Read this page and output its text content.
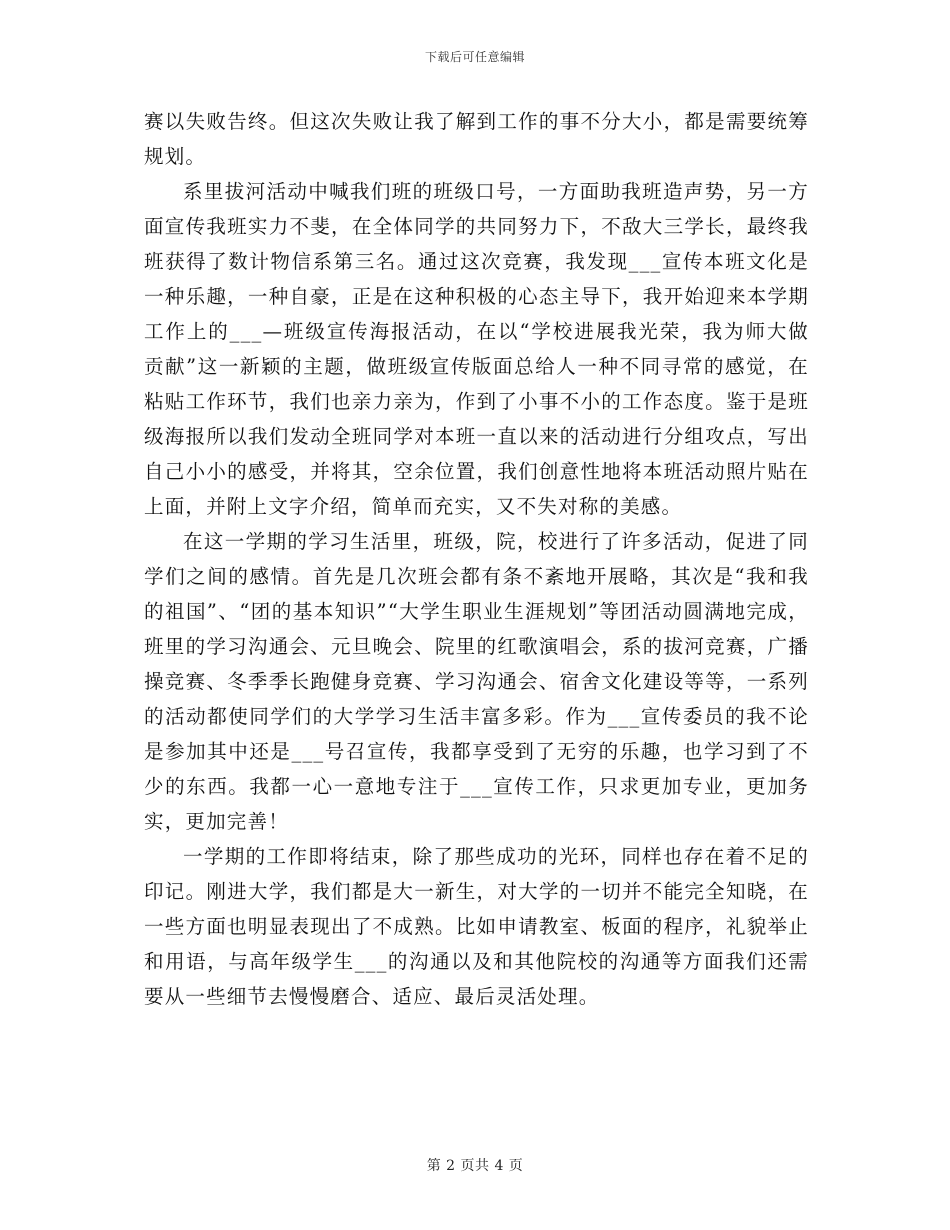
下载后可任意编辑

赛以失败告终。但这次失败让我了解到工作的事不分大小，都是需要统筹规划。

系里拔河活动中喊我们班的班级口号，一方面助我班造声势，另一方面宣传我班实力不斐，在全体同学的共同努力下，不敌大三学长，最终我班获得了数计物信系第三名。通过这次竞赛，我发现___宣传本班文化是一种乐趣，一种自豪，正是在这种积极的心态主导下，我开始迎来本学期工作上的___—班级宣传海报活动，在以“学校进展我光荣，我为师大做贡献”这一新颖的主题，做班级宣传版面总给人一种不同寻常的感觉，在粘贴工作环节，我们也亲力亲为，作到了小事不小的工作态度。鉴于是班级海报所以我们发动全班同学对本班一直以来的活动进行分组攻点，写出自己小小的感受，并将其，空余位置，我们创意性地将本班活动照片贴在上面，并附上文字介绍，简单而充实，又不失对称的美感。

在这一学期的学习生活里，班级，院，校进行了许多活动，促进了同学们之间的感情。首先是几次班会都有条不紊地开展略，其次是“我和我的祖国”、“团的基本知识”“大学生职业生涯规划”等团活动圆满地完成，班里的学习沟通会、元旦晚会、院里的红歌演唱会，系的拔河竞赛，广播操竞赛、冬季季长跑健身竞赛、学习沟通会、宿舍文化建设等等，一系列的活动都使同学们的大学学习生活丰富多彩。作为___宣传委员的我不论是参加其中还是___号召宣传，我都享受到了无穷的乐趣，也学习到了不少的东西。我都一心一意地专注于___宣传工作，只求更加专业，更加务实，更加完善！

一学期的工作即将结束，除了那些成功的光环，同样也存在着不足的印记。刚进大学，我们都是大一新生，对大学的一切并不能完全知晓，在一些方面也明显表现出了不成熟。比如申请教室、板面的程序，礼貌举止和用语，与高年级学生___的沟通以及和其他院校的沟通等方面我们还需要从一些细节去慢慢磨合、适应、最后灵活处理。

第 2 页共 4 页
